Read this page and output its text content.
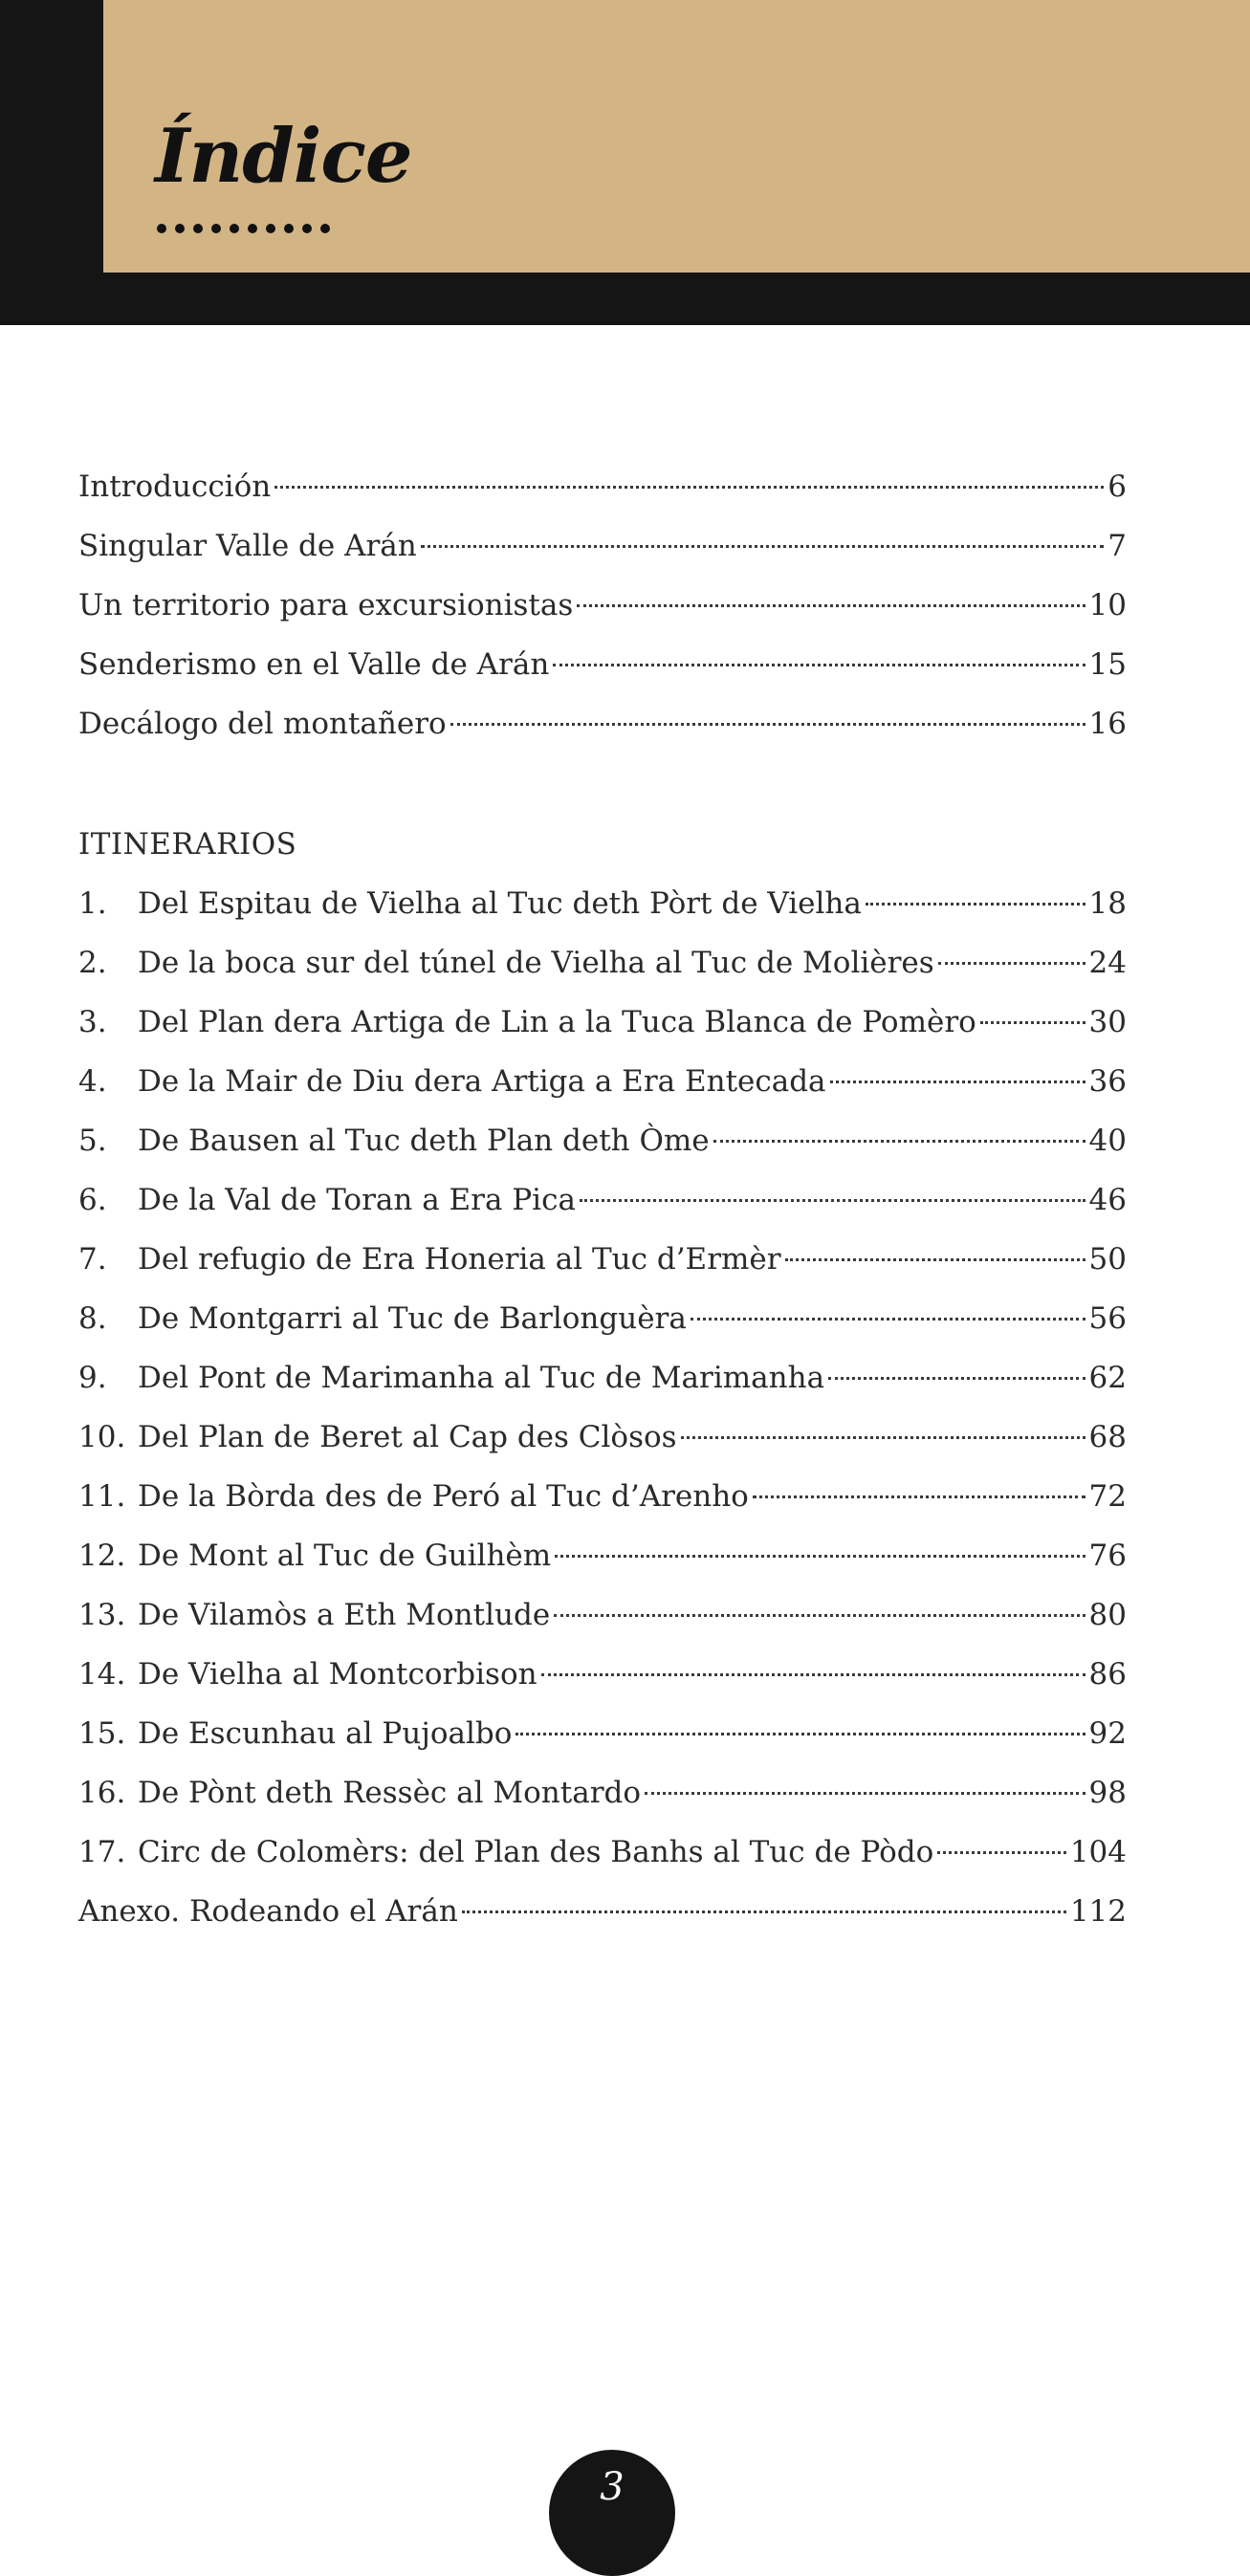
Índice
Introducción	6
Singular Valle de Arán	7
Un territorio para excursionistas	10
Senderismo en el Valle de Arán	15
Decálogo del montañero	16
ITINERARIOS
1.	Del Espitau de Vielha al Tuc deth Pòrt de Vielha	18
2.	De la boca sur del túnel de Vielha al Tuc de Molières	24
3.	Del Plan dera Artiga de Lin a la Tuca Blanca de Pomèro	30
4.	De la Mair de Diu dera Artiga a Era Entecada	36
5.	De Bausen al Tuc deth Plan deth Òme	40
6.	De la Val de Toran a Era Pica	46
7.	Del refugio de Era Honeria al Tuc d’Ermèr	50
8.	De Montgarri al Tuc de Barlonguèra	56
9.	Del Pont de Marimanha al Tuc de Marimanha	62
10. Del Plan de Beret al Cap des Clòsos	68
11. De la Bòrda des de Peró al Tuc d’Arenho	72
12. De Mont al Tuc de Guilhèm	76
13. De Vilamòs a Eth Montlude	80
14. De Vielha al Montcorbison	86
15. De Escunhau al Pujoalbo	92
16. De Pònt deth Ressèc al Montardo	98
17. Circ de Colomèrs: del Plan des Banhs al Tuc de Pòdo	104
Anexo. Rodeando el Arán	112
3
